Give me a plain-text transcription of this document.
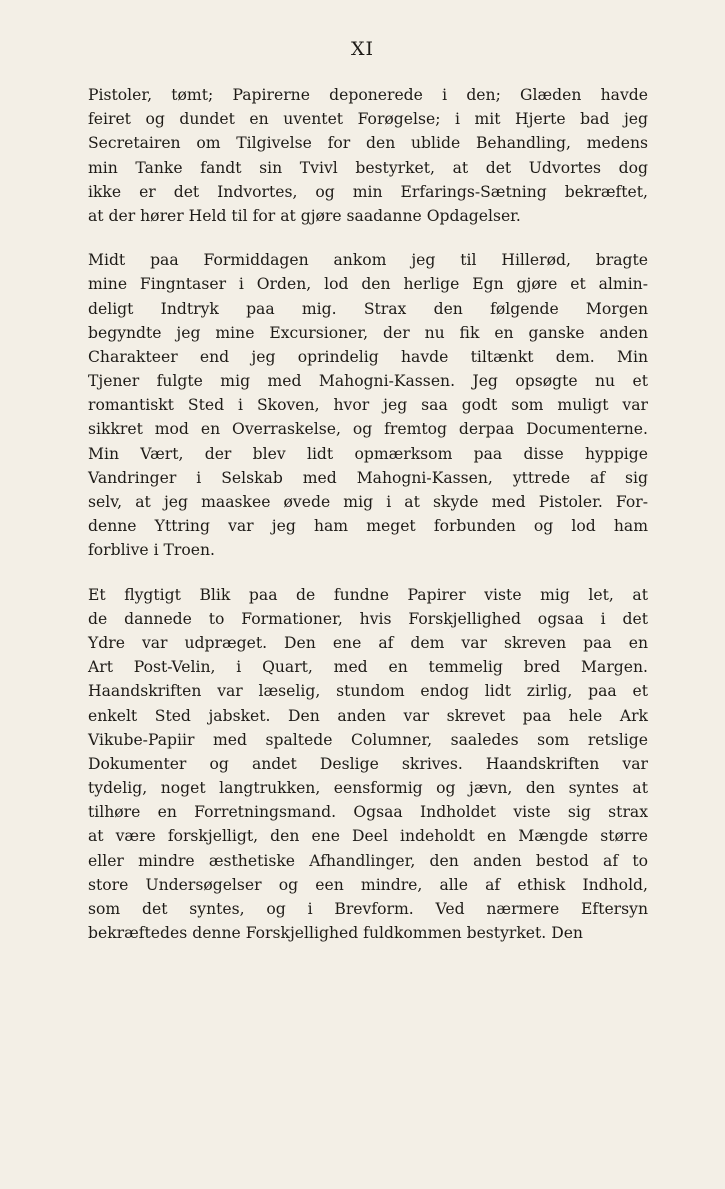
XI
Pistoler, tømt; Papirerne deponerede i den; Glæden havde
feiret og dundet en uventet Forøgelse; i mit Hjerte bad jeg
Secretairen om Tilgivelse for den ublide Behandling, medens
min Tanke fandt sin Tvivl bestyrket, at det Udvortes dog
ikke er det Indvortes, og min Erfarings-Sætning bekræftet,
at der hører Held til for at gjøre saadanne Opdagelser.
Midt paa Formiddagen ankom jeg til Hillerød, bragte
mine Fingntaser i Orden, lod den herlige Egn gjøre et almin-
deligt Indtryk paa mig. Strax den følgende Morgen
begyndte jeg mine Excursioner, der nu fik en ganske anden
Charakteer end jeg oprindelig havde tiltænkt dem. Min
Tjener fulgte mig med Mahogni-Kassen. Jeg opsøgte nu et
romantiskt Sted i Skoven, hvor jeg saa godt som muligt var
sikkret mod en Overraskelse, og fremtog derpaa Documenterne.
Min Vært, der blev lidt opmærksom paa disse hyppige
Vandringer i Selskab med Mahogni-Kassen, yttrede af sig
selv, at jeg maaskee øvede mig i at skyde med Pistoler. For-
denne Yttring var jeg ham meget forbunden og lod ham
forblive i Troen.
Et flygtigt Blik paa de fundne Papirer viste mig let, at
de dannede to Formationer, hvis Forskjellighed ogsaa i det
Ydre var udpræget. Den ene af dem var skreven paa en
Art Post-Velin, i Quart, med en temmelig bred Margen.
Haandskriften var læselig, stundom endog lidt zirlig, paa et
enkelt Sted jabsket. Den anden var skrevet paa hele Ark
Vikube-Papiir med spaltede Columner, saaledes som retslige
Dokumenter og andet Deslige skrives. Haandskriften var
tydelig, noget langtrukken, eensformig og jævn, den syntes at
tilhøre en Forretningsmand. Ogsaa Indholdet viste sig strax
at være forskjelligt, den ene Deel indeholdt en Mængde større
eller mindre æsthetiske Afhandlinger, den anden bestod af to
store Undersøgelser og een mindre, alle af ethisk Indhold,
som det syntes, og i Brevform. Ved nærmere Eftersyn
bekræftedes denne Forskjellighed fuldkommen bestyrket. Den
